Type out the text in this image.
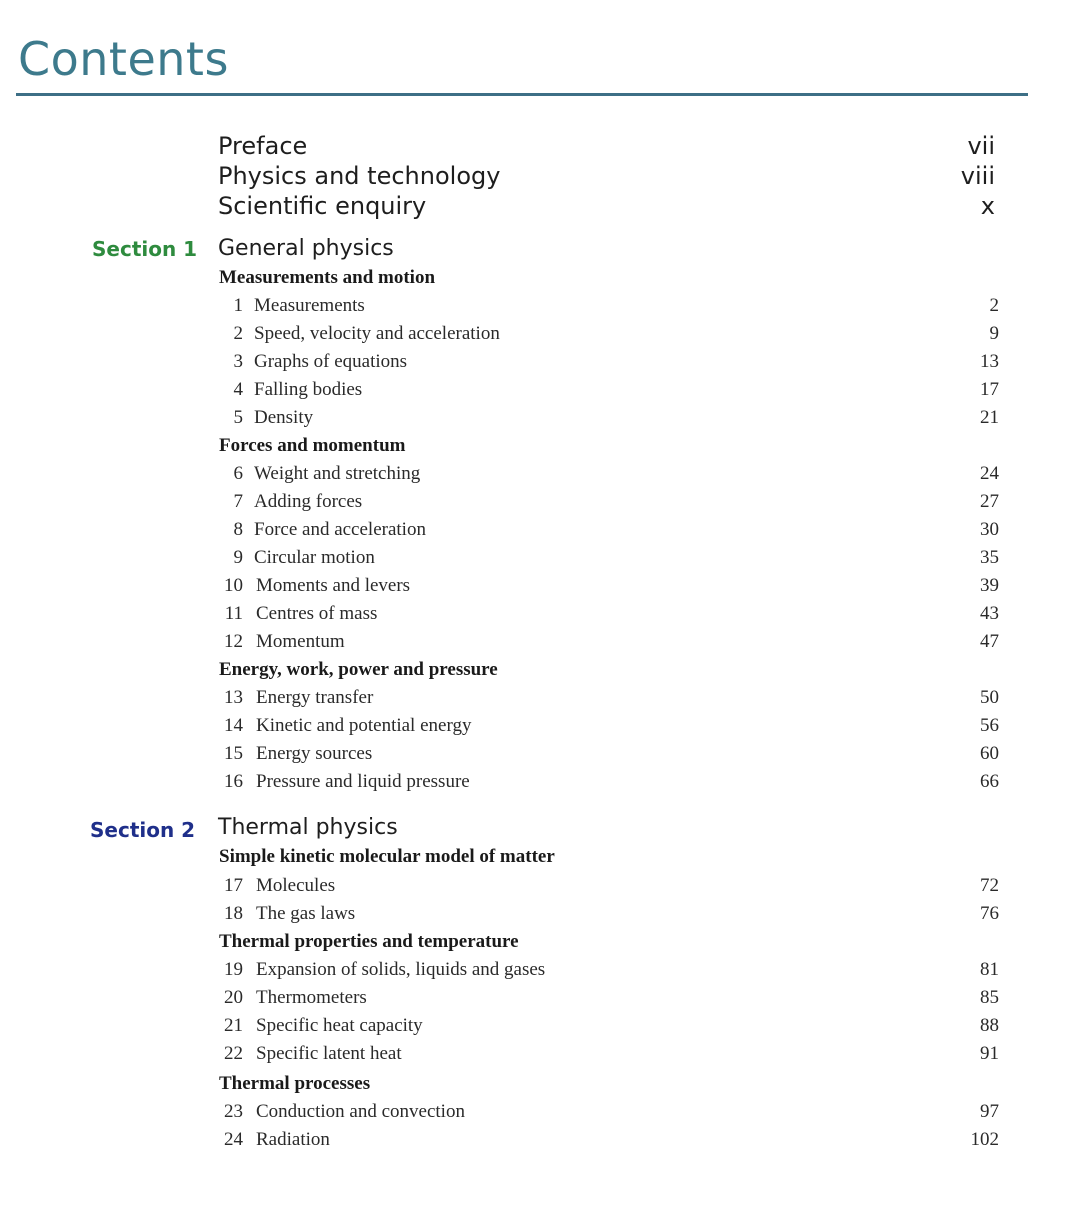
Contents
Preface	vii
Physics and technology	viii
Scientific enquiry	x
Section 1 General physics
Measurements and motion
1 Measurements	2
2 Speed, velocity and acceleration	9
3 Graphs of equations	13
4 Falling bodies	17
5 Density	21
Forces and momentum
6 Weight and stretching	24
7 Adding forces	27
8 Force and acceleration	30
9 Circular motion	35
10 Moments and levers	39
11 Centres of mass	43
12 Momentum	47
Energy, work, power and pressure
13 Energy transfer	50
14 Kinetic and potential energy	56
15 Energy sources	60
16 Pressure and liquid pressure	66
Section 2 Thermal physics
Simple kinetic molecular model of matter
17 Molecules	72
18 The gas laws	76
Thermal properties and temperature
19 Expansion of solids, liquids and gases	81
20 Thermometers	85
21 Specific heat capacity	88
22 Specific latent heat	91
Thermal processes
23 Conduction and convection	97
24 Radiation	102
